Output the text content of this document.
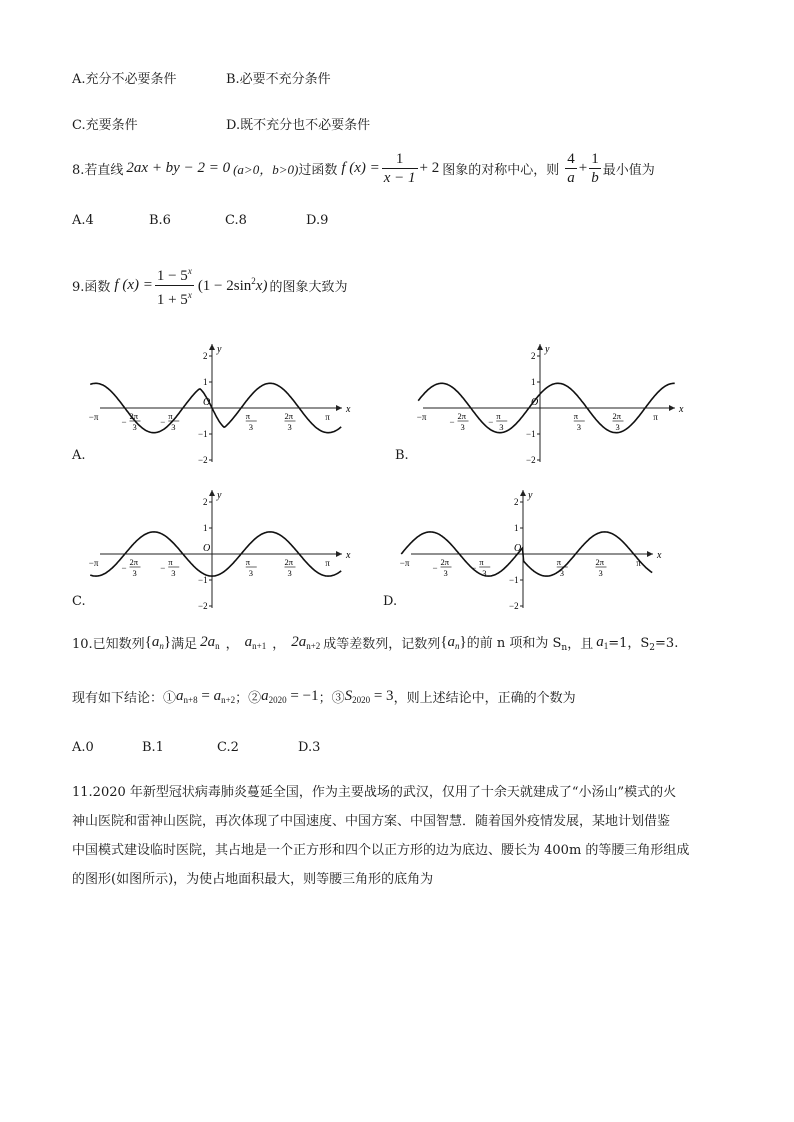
A.充分不必要条件	B.必要不充分条件
C.充要条件	D.既不充分也不必要条件
8.若直线 2ax + by − 2 = 0 (a>0，b>0) 过函数 f $(x) = \frac{1}{x - 1} + 2$ 图象的对称中心，则 $\frac{4}{a} + \frac{1}{b}$ 最小值为
A.4	B.6	C.8	D.9
9.函数 f $(x) = \frac{1 - 5^x}{1 + 5^x} (1 - 2\sin^2x)$ 的图象大致为
x
y
O
2
1
−1
−2
−π	π
−
2π
3	−
π
3
π
3
2π
3
x
y
O
2
1
−1
−2
−π	π
−
2π
3	−
π
3
π
3
2π
3
x
y
O
2
1
−1
−2
−π	π
−
2π
3	−
π
3
π
3
2π
3
x
y
O
2
1
−1
−2
−π	π
−
2π
3	−
π
3
π
3
2π
3
10.已知数列 $\{a_n\}$ 满足 $2a_n$ ， $a_{n+1}$ ， $2a_{n+2}$ 成等差数列，记数列 $\{a_n\}$ 的前 n 项和为 $S_n$ ，且 $a_1 =1$，$S_2=3$.
现有如下结论：① $a_{n+8} = a_{n+2}$ ；② $a_{2020} = -1$ ；③ $S_{2020} = 3$ ，则上述结论中，正确的个数为
A.0	B.1	C.2	D.3
11.2020 年新型冠状病毒肺炎蔓延全国，作为主要战场的武汉，仅用了十余天就建成了“小汤山”模式的火
神山医院和雷神山医院，再次体现了中国速度、中国方案、中国智慧．随着国外疫情发展，某地计划借鉴
中国模式建设临时医院，其占地是一个正方形和四个以正方形的边为底边、腰长为 400m 的等腰三角形组成
的图形(如图所示)，为使占地面积最大，则等腰三角形的底角为
A.	B.
C.	D.
